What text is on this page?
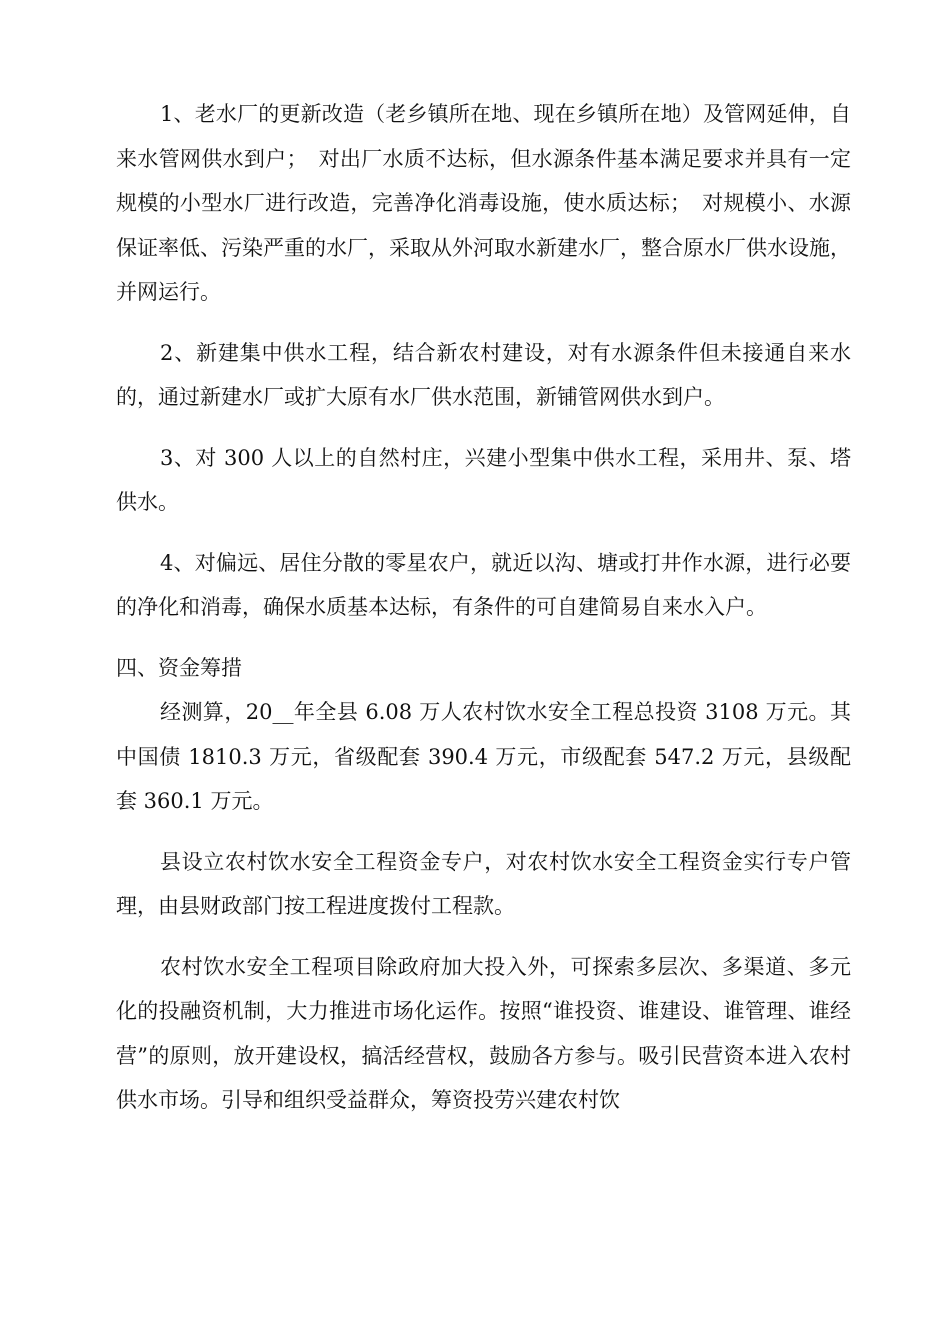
1、老水厂的更新改造（老乡镇所在地、现在乡镇所在地）及管网延伸，自来水管网供水到户；　对出厂水质不达标，但水源条件基本满足要求并具有一定规模的小型水厂进行改造，完善净化消毒设施，使水质达标；　对规模小、水源保证率低、污染严重的水厂，采取从外河取水新建水厂，整合原水厂供水设施，并网运行。

2、新建集中供水工程，结合新农村建设，对有水源条件但未接通自来水的，通过新建水厂或扩大原有水厂供水范围，新铺管网供水到户。

3、对 300 人以上的自然村庄，兴建小型集中供水工程，采用井、泵、塔供水。

4、对偏远、居住分散的零星农户，就近以沟、塘或打井作水源，进行必要的净化和消毒，确保水质基本达标，有条件的可自建简易自来水入户。

四、资金筹措

经测算，20__年全县 6.08 万人农村饮水安全工程总投资 3108 万元。其中国债 1810.3 万元，省级配套 390.4 万元，市级配套 547.2 万元，县级配套 360.1 万元。

县设立农村饮水安全工程资金专户，对农村饮水安全工程资金实行专户管理，由县财政部门按工程进度拨付工程款。

农村饮水安全工程项目除政府加大投入外，可探索多层次、多渠道、多元化的投融资机制，大力推进市场化运作。按照“谁投资、谁建设、谁管理、谁经营”的原则，放开建设权，搞活经营权，鼓励各方参与。吸引民营资本进入农村供水市场。引导和组织受益群众，筹资投劳兴建农村饮
